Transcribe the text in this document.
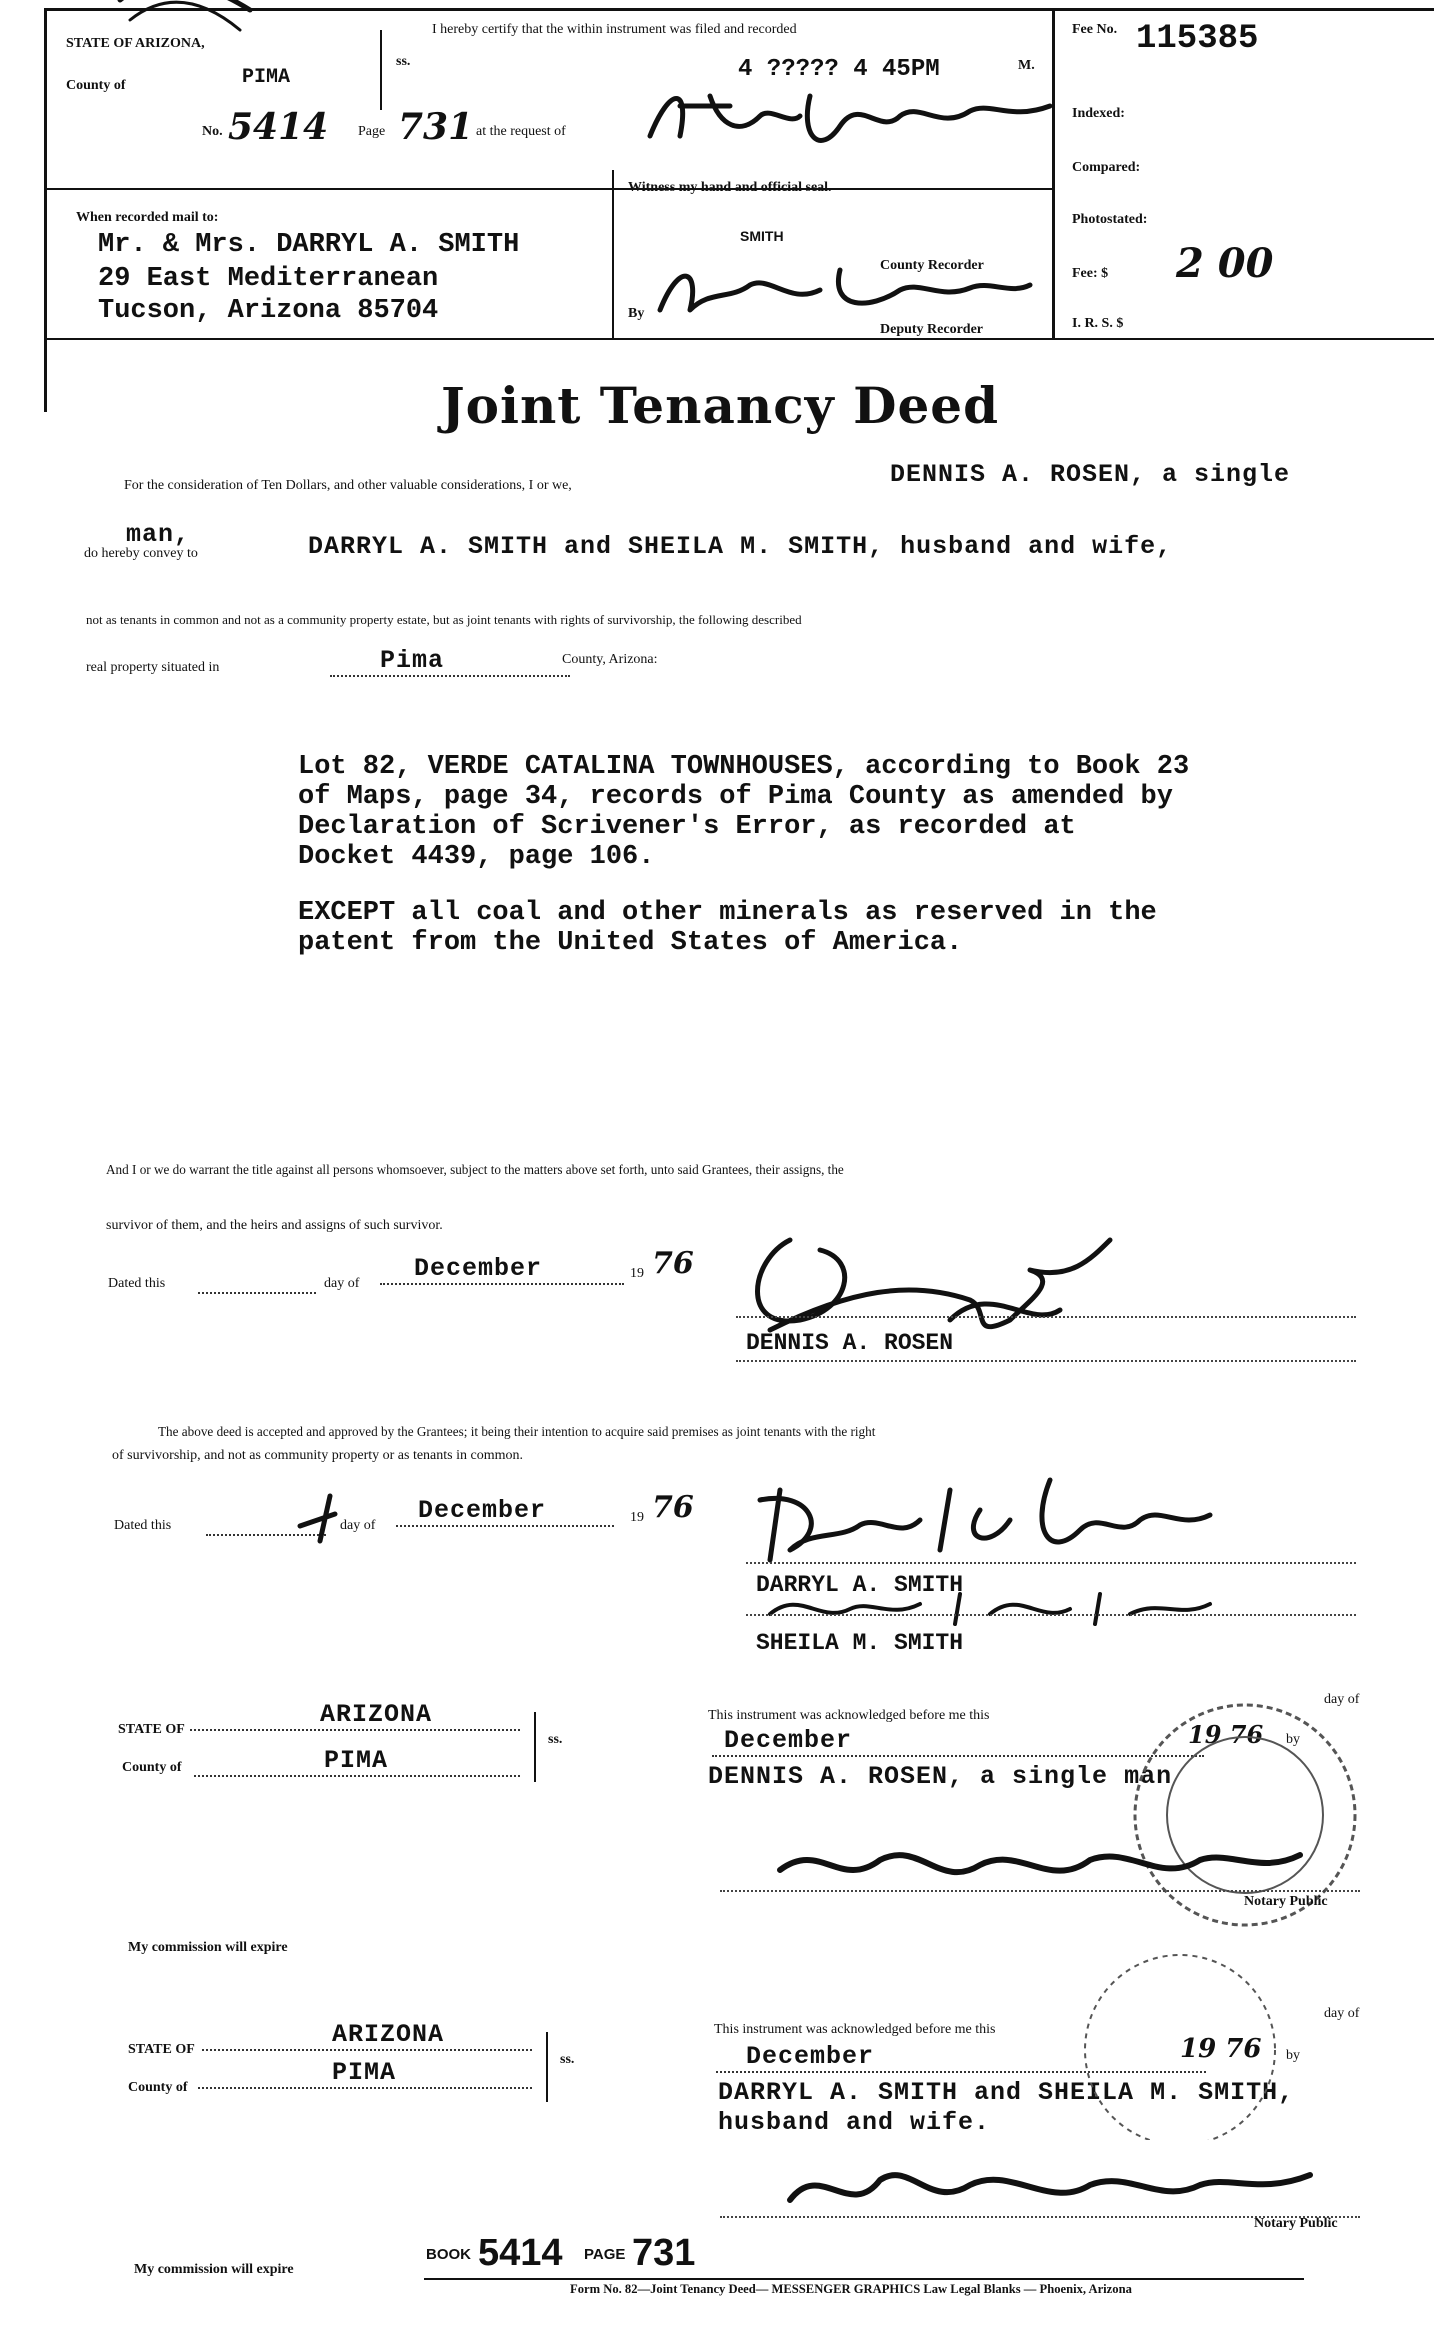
STATE OF ARIZONA,
County of	PIMA
ss.
I hereby certify that the within instrument was filed and recorded
4 ????? 4 45PM	M.
No. 5414 Page 731 at the request of
Fee No. 115385
Indexed:
Compared:
Photostated:
Fee: $ 2 00
I. R. S. $
Witness my hand and official seal.
SMITH
County Recorder
By
Deputy Recorder
When recorded mail to:
Mr. & Mrs. DARRYL A. SMITH
29 East Mediterranean
Tucson, Arizona 85704
Joint Tenancy Deed
For the consideration of Ten Dollars, and other valuable considerations, I or we,	DENNIS A. ROSEN, a single
man,
do hereby convey to	DARRYL A. SMITH and SHEILA M. SMITH, husband and wife,
not as tenants in common and not as a community property estate, but as joint tenants with rights of survivorship, the following described
real property situated in	Pima	County, Arizona:
Lot 82, VERDE CATALINA TOWNHOUSES, according to Book 23
of Maps, page 34, records of Pima County as amended by
Declaration of Scrivener's Error, as recorded at
Docket 4439, page 106.
EXCEPT all coal and other minerals as reserved in the
patent from the United States of America.
And I or we do warrant the title against all persons whomsoever, subject to the matters above set forth, unto said Grantees, their assigns, the
survivor of them, and the heirs and assigns of such survivor.
Dated this	day of
December	19 76
DENNIS A. ROSEN
The above deed is accepted and approved by the Grantees; it being their intention to acquire said premises as joint tenants with the right
of survivorship, and not as community property or as tenants in common.
Dated this	day of
December	19 76
DARRYL A. SMITH
SHEILA M. SMITH
STATE OF
ARIZONA
County of	PIMA
ss.
This instrument was acknowledged before me this
day of
December	19 76 by
DENNIS A. ROSEN, a single man
Notary Public
My commission will expire
STATE OF
ARIZONA
County of
PIMA	ss.
This instrument was acknowledged before me this
day of
December	19 76 by
DARRYL A. SMITH and SHEILA M. SMITH,
husband and wife.
Notary Public
My commission will expire
BOOK 5414 PAGE 731
Form No. 82—Joint Tenancy Deed— MESSENGER GRAPHICS Law Legal Blanks — Phoenix, Arizona
